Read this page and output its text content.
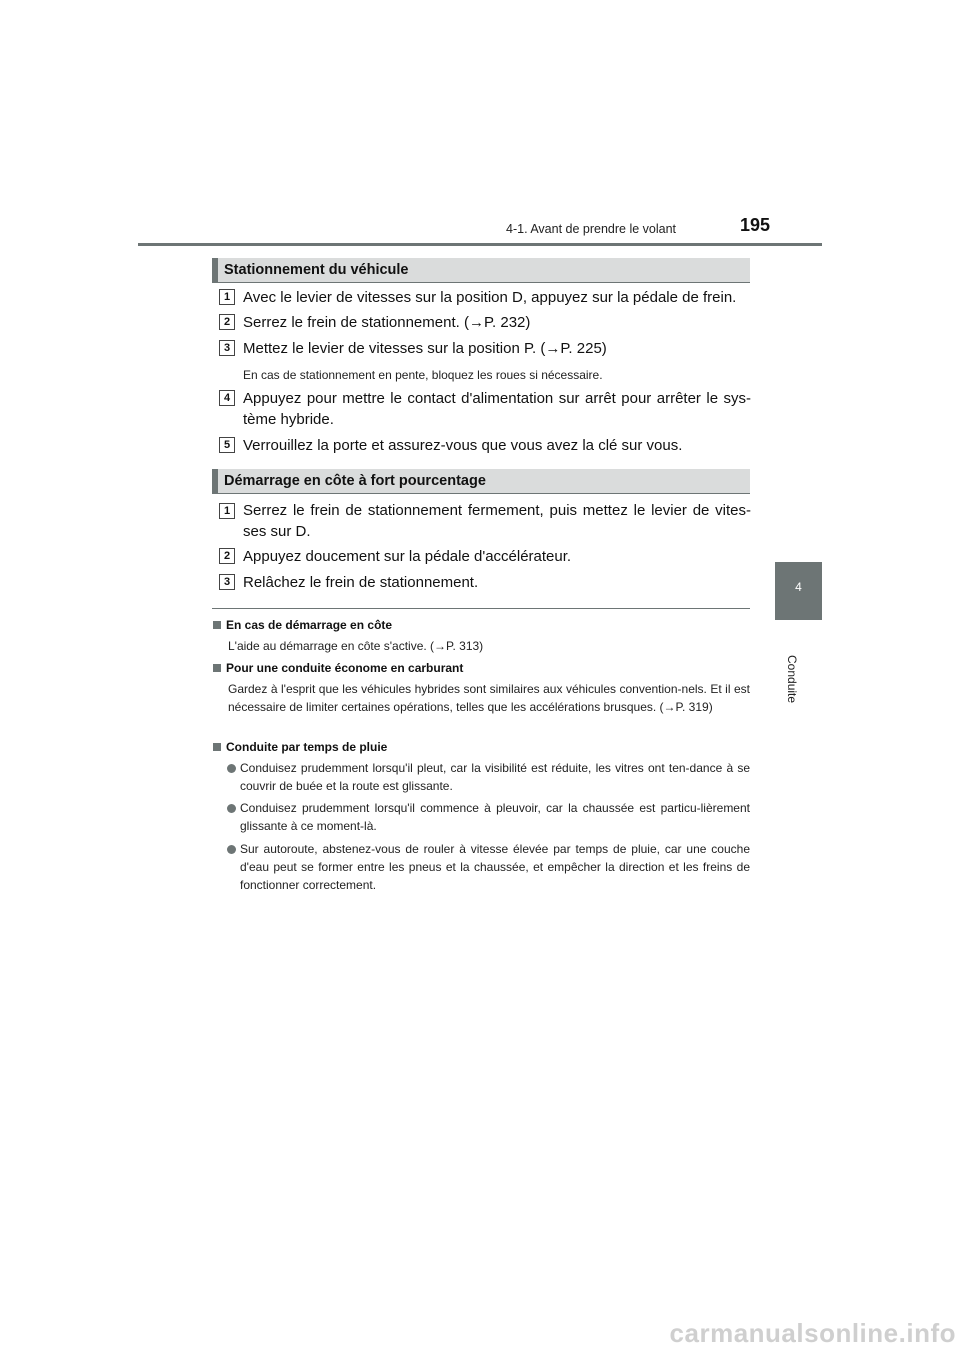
4-1. Avant de prendre le volant	195
4
Conduite
Stationnement du véhicule
1 Avec le levier de vitesses sur la position D, appuyez sur la pédale de frein.
2 Serrez le frein de stationnement. (→P. 232)
3 Mettez le levier de vitesses sur la position P. (→P. 225)
En cas de stationnement en pente, bloquez les roues si nécessaire.
4 Appuyez pour mettre le contact d'alimentation sur arrêt pour arrêter le sys-tème hybride.
5 Verrouillez la porte et assurez-vous que vous avez la clé sur vous.
Démarrage en côte à fort pourcentage
1 Serrez le frein de stationnement fermement, puis mettez le levier de vites-ses sur D.
2 Appuyez doucement sur la pédale d'accélérateur.
3 Relâchez le frein de stationnement.
En cas de démarrage en côte
L'aide au démarrage en côte s'active. (→P. 313)
Pour une conduite économe en carburant
Gardez à l'esprit que les véhicules hybrides sont similaires aux véhicules convention-nels. Et il est nécessaire de limiter certaines opérations, telles que les accélérations brusques. (→P. 319)
Conduite par temps de pluie
Conduisez prudemment lorsqu'il pleut, car la visibilité est réduite, les vitres ont ten-dance à se couvrir de buée et la route est glissante.
Conduisez prudemment lorsqu'il commence à pleuvoir, car la chaussée est particu-lièrement glissante à ce moment-là.
Sur autoroute, abstenez-vous de rouler à vitesse élevée par temps de pluie, car une couche d'eau peut se former entre les pneus et la chaussée, et empêcher la direction et les freins de fonctionner correctement.
carmanualsonline.info
